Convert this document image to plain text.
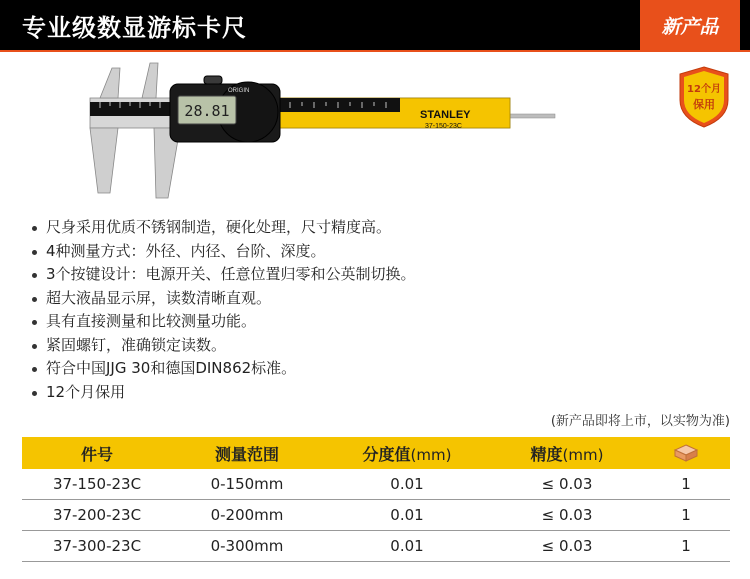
专业级数显游标卡尺	新产品
28.81
ORIGIN
STANLEY
37-150-23C
12个月
保用
尺身采用优质不锈钢制造，硬化处理，尺寸精度高。
4种测量方式：外径、内径、台阶、深度。
3个按键设计：电源开关、任意位置归零和公英制切换。
超大液晶显示屏，读数清晰直观。
具有直接测量和比较测量功能。
紧固螺钉，准确锁定读数。
符合中国JJG 30和德国DIN862标准。
12个月保用
(新产品即将上市，以实物为准)
件号	测量范围	分度值(mm)	精度(mm)	
37-150-23C	0-150mm	0.01	≤ 0.03	1
37-200-23C	0-200mm	0.01	≤ 0.03	1
37-300-23C	0-300mm	0.01	≤ 0.03	1
